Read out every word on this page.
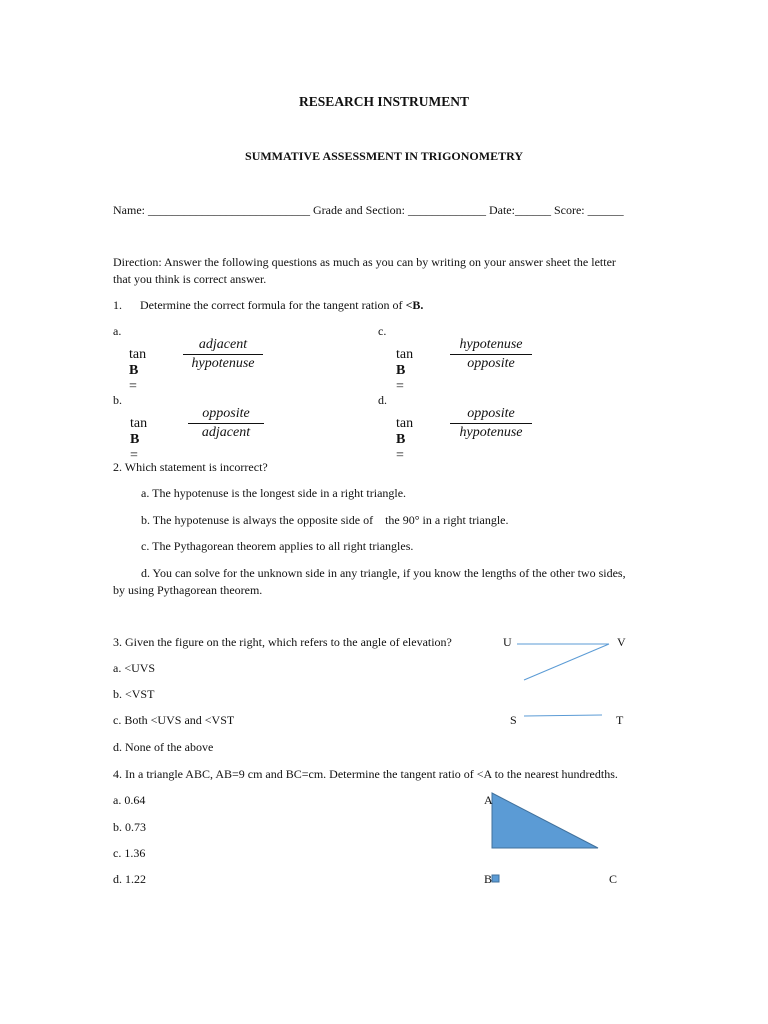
RESEARCH INSTRUMENT
SUMMATIVE ASSESSMENT IN TRIGONOMETRY
Name: ___________________________ Grade and Section: _____________ Date:______ Score: ______
Direction: Answer the following questions as much as you can by writing on your answer sheet the letter
that you think is correct answer.
1. Determine the correct formula for the tangent ration of <B.
a.
tan B =
adjacent
hypotenuse
c.
tan B =
hypotenuse
opposite
b.
tan B =
opposite
adjacent
d.
tan B =
opposite
hypotenuse
2. Which statement is incorrect?
a. The hypotenuse is the longest side in a right triangle.
b. The hypotenuse is always the opposite side of    the 90° in a right triangle.
c. The Pythagorean theorem applies to all right triangles.
d. You can solve for the unknown side in any triangle, if you know the lengths of the other two sides,
by using Pythagorean theorem.
3. Given the figure on the right, which refers to the angle of elevation?
a. <UVS
b. <VST
c. Both <UVS and <VST
d. None of the above
U	V
S	T
4. In a triangle ABC, AB=9 cm and BC=cm. Determine the tangent ratio of <A to the nearest hundredths.
a. 0.64
b. 0.73
c. 1.36
d. 1.22
A
B	C
